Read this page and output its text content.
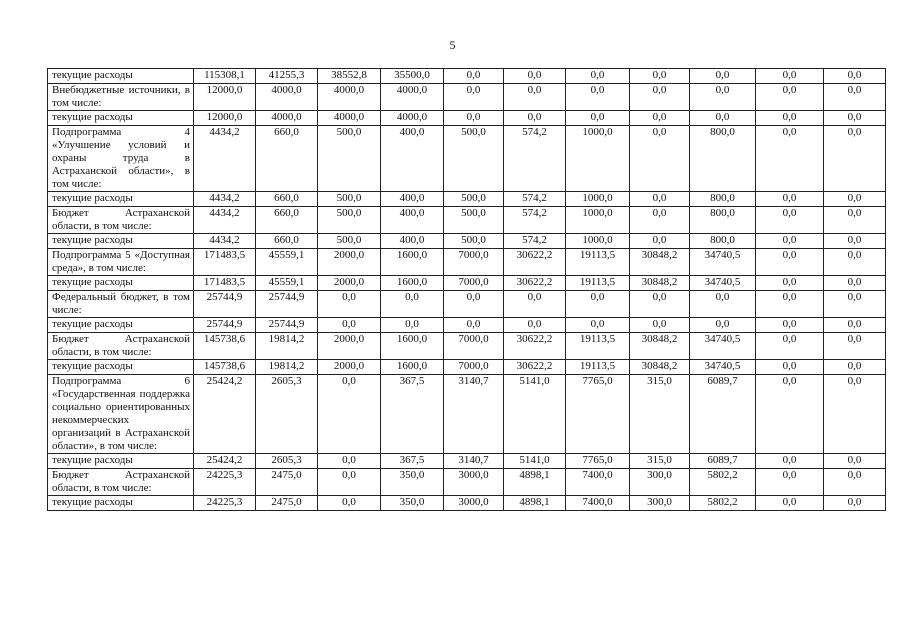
5
текущие расходы	115308,1	41255,3	38552,8	35500,0	0,0	0,0	0,0	0,0	0,0	0,0	0,0
Внебюджетные источники, в том числе:	12000,0	4000,0	4000,0	4000,0	0,0	0,0	0,0	0,0	0,0	0,0	0,0
текущие расходы	12000,0	4000,0	4000,0	4000,0	0,0	0,0	0,0	0,0	0,0	0,0	0,0
Подпрограмма 4 «Улучшение условий и охраны труда в Астраханской области», в том числе:	4434,2	660,0	500,0	400,0	500,0	574,2	1000,0	0,0	800,0	0,0	0,0
текущие расходы	4434,2	660,0	500,0	400,0	500,0	574,2	1000,0	0,0	800,0	0,0	0,0
Бюджет Астраханской области, в том числе:	4434,2	660,0	500,0	400,0	500,0	574,2	1000,0	0,0	800,0	0,0	0,0
текущие расходы	4434,2	660,0	500,0	400,0	500,0	574,2	1000,0	0,0	800,0	0,0	0,0
Подпрограмма 5 «Доступная среда», в том числе:	171483,5	45559,1	2000,0	1600,0	7000,0	30622,2	19113,5	30848,2	34740,5	0,0	0,0
текущие расходы	171483,5	45559,1	2000,0	1600,0	7000,0	30622,2	19113,5	30848,2	34740,5	0,0	0,0
Федеральный бюджет, в том числе:	25744,9	25744,9	0,0	0,0	0,0	0,0	0,0	0,0	0,0	0,0	0,0
текущие расходы	25744,9	25744,9	0,0	0,0	0,0	0,0	0,0	0,0	0,0	0,0	0,0
Бюджет Астраханской области, в том числе:	145738,6	19814,2	2000,0	1600,0	7000,0	30622,2	19113,5	30848,2	34740,5	0,0	0,0
текущие расходы	145738,6	19814,2	2000,0	1600,0	7000,0	30622,2	19113,5	30848,2	34740,5	0,0	0,0
Подпрограмма 6 «Государственная поддержка социально ориентированных некоммерческих организаций в Астраханской области», в том числе:	25424,2	2605,3	0,0	367,5	3140,7	5141,0	7765,0	315,0	6089,7	0,0	0,0
текущие расходы	25424,2	2605,3	0,0	367,5	3140,7	5141,0	7765,0	315,0	6089,7	0,0	0,0
Бюджет Астраханской области, в том числе:	24225,3	2475,0	0,0	350,0	3000,0	4898,1	7400,0	300,0	5802,2	0,0	0,0
текущие расходы	24225,3	2475,0	0,0	350,0	3000,0	4898,1	7400,0	300,0	5802,2	0,0	0,0
